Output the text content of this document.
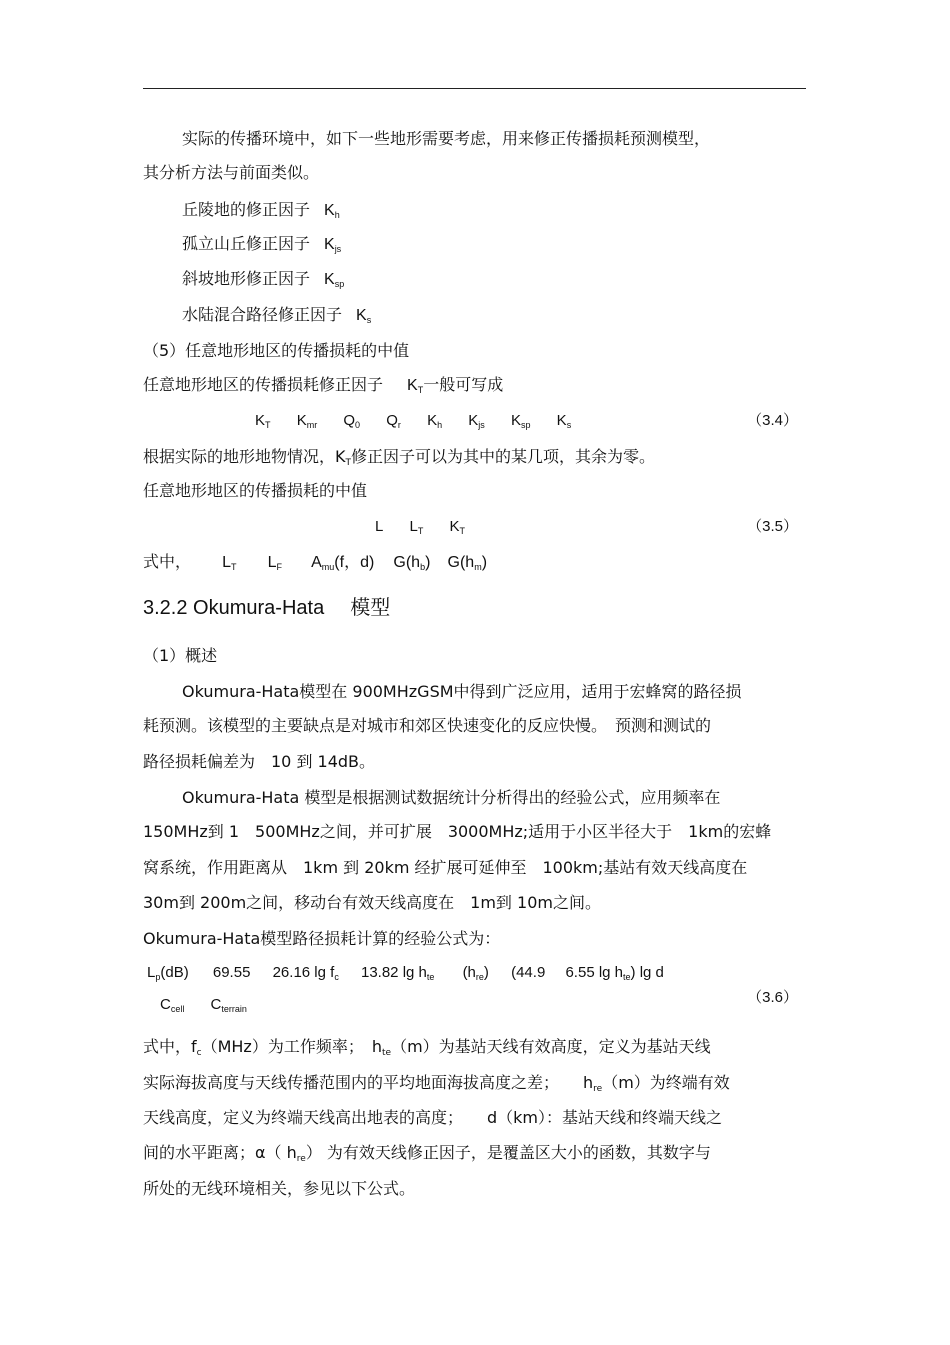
实际的传播环境中，如下一些地形需要考虑，用来修正传播损耗预测模型，
其分析方法与前面类似。
丘陵地的修正因子 $K_h$
孤立山丘修正因子 $K_{js}$
斜坡地形修正因子 $K_{sp}$
水陆混合路径修正因子 $K_s$
（5）任意地形地区的传播损耗的中值
任意地形地区的传播损耗修正因子 $K_T$一般可写成
$K_T$ $K_{mr}$ $Q_0$ $Q_r$ $K_h$ $K_{js}$ $K_{sp}$ $K_s$	（3.4）
根据实际的地形地物情况，$K_T$修正因子可以为其中的某几项，其余为零。
任意地形地区的传播损耗的中值
L $L_T$ $K_T$	（3.5）
式中， $L_T$ $L_F$ $A_{mu}(f$，d) $G(h_b)$ $G(h_m)$
3.2.2 Okumura-Hata 模型
（1）概述
Okumura-Hata模型在 900MHzGSM中得到广泛应用，适用于宏蜂窝的路径损
耗预测。该模型的主要缺点是对城市和郊区快速变化的反应快慢。　预测和测试的
路径损耗偏差为　10 到 14dB。
Okumura-Hata 模型是根据测试数据统计分析得出的经验公式，应用频率在
150MHz到 1　500MHz之间，并可扩展　3000MHz;适用于小区半径大于　1km的宏蜂
窝系统，作用距离从　1km 到 20km 经扩展可延伸至　100km;基站有效天线高度在
30m到 200m之间，移动台有效天线高度在　1m到 10m之间。
Okumura-Hata模型路径损耗计算的经验公式为：
$L_p(dB)$ 69.55 26.16 $\lg f_c$ 13.82 $\lg h_{te}$ $(h_{re})$ (44.9 6.55 $\lg h_{te}$) lg d
$C_{cell}$ $C_{terrain}$
（3.6）
式中，$f_c(MHz)$为工作频率；　$h_{te}(m)$为基站天线有效高度，定义为基站天线
实际海拔高度与天线传播范围内的平均地面海拔高度之差；　　$h_{re}(m)$为终端有效
天线高度，定义为终端天线高出地表的高度；　　d（km）：基站天线和终端天线之
间的水平距离；α（ $h_{re}$） 为有效天线修正因子，是覆盖区大小的函数，其数字与
所处的无线环境相关，参见以下公式。
